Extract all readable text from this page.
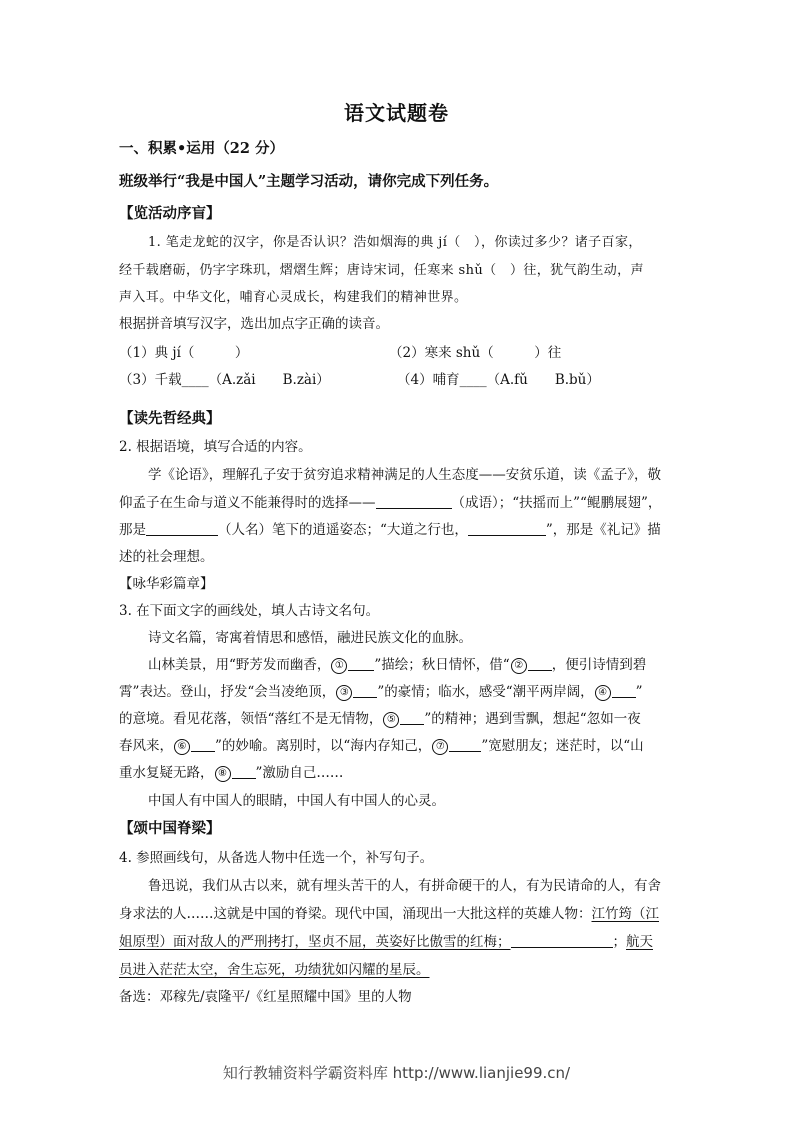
语文试题卷
一、积累•运用（22 分）
班级举行“我是中国人”主题学习活动，请你完成下列任务。
【览活动序盲】
1. 笔走龙蛇的汉字，你是否认识？浩如烟海的典 jí（　），你读过多少？诸子百家，
经千载磨砺，仍字字珠玑，熠熠生辉；唐诗宋词，任寒来 shǔ（　）往，犹气韵生动，声
声入耳。中华文化，哺育心灵成长，构建我们的精神世界。
根据拼音填写汉字，选出加点字正确的读音。
（1）典 jí（　　　）	（2）寒来 shǔ（　　　）往
（3）千载____（A.zǎi　　B.zài）	（4）哺育____（A.fǔ　　B.bǔ）
【读先哲经典】
2. 根据语境，填写合适的内容。
学《论语》，理解孔子安于贫穷追求精神满足的人生态度——安贫乐道，读《孟子》，敬
仰孟子在生命与道义不能兼得时的选择——	（成语）；“扶摇而上”“鲲鹏展翅”，
那是	（人名）笔下的逍遥姿态；“大道之行也，	”，那是《礼记》描
述的社会理想。
【咏华彩篇章】
3. 在下面文字的画线处，填人古诗文名句。
诗文名篇，寄寓着情思和感悟，融进民族文化的血脉。
山林美景，用“野芳发而幽香， ① ”描绘；秋日情怀，借“ ② ，便引诗情到碧
霄”表达。登山，抒发“会当凌绝顶， ③ ”的豪情；临水，感受“潮平两岸阔， ④ ”
的意境。看见花落，领悟“落红不是无情物， ⑤ ”的精神；遇到雪飘，想起“忽如一夜
春风来， ⑥ ”的妙喻。离别时，以“海内存知己， ⑦	”宽慰朋友；迷茫时，以“山
重水复疑无路， ⑧ ”激励自己……
中国人有中国人的眼睛，中国人有中国人的心灵。
【颂中国脊梁】
4. 参照画线句，从备选人物中任选一个，补写句子。
鲁迅说，我们从古以来，就有埋头苦干的人，有拼命硬干的人，有为民请命的人，有舍
身求法的人……这就是中国的脊梁。现代中国，涌现出一大批这样的英雄人物：江竹筠（江
姐原型）面对敌人的严刑拷打，坚贞不屈，英姿好比傲雪的红梅；	；航天
员进入茫茫太空，舍生忘死，功绩犹如闪耀的星辰。
备选：邓稼先/袁隆平/《红星照耀中国》里的人物
知行教辅资料学霸资料库 http://www.lianjie99.cn/
